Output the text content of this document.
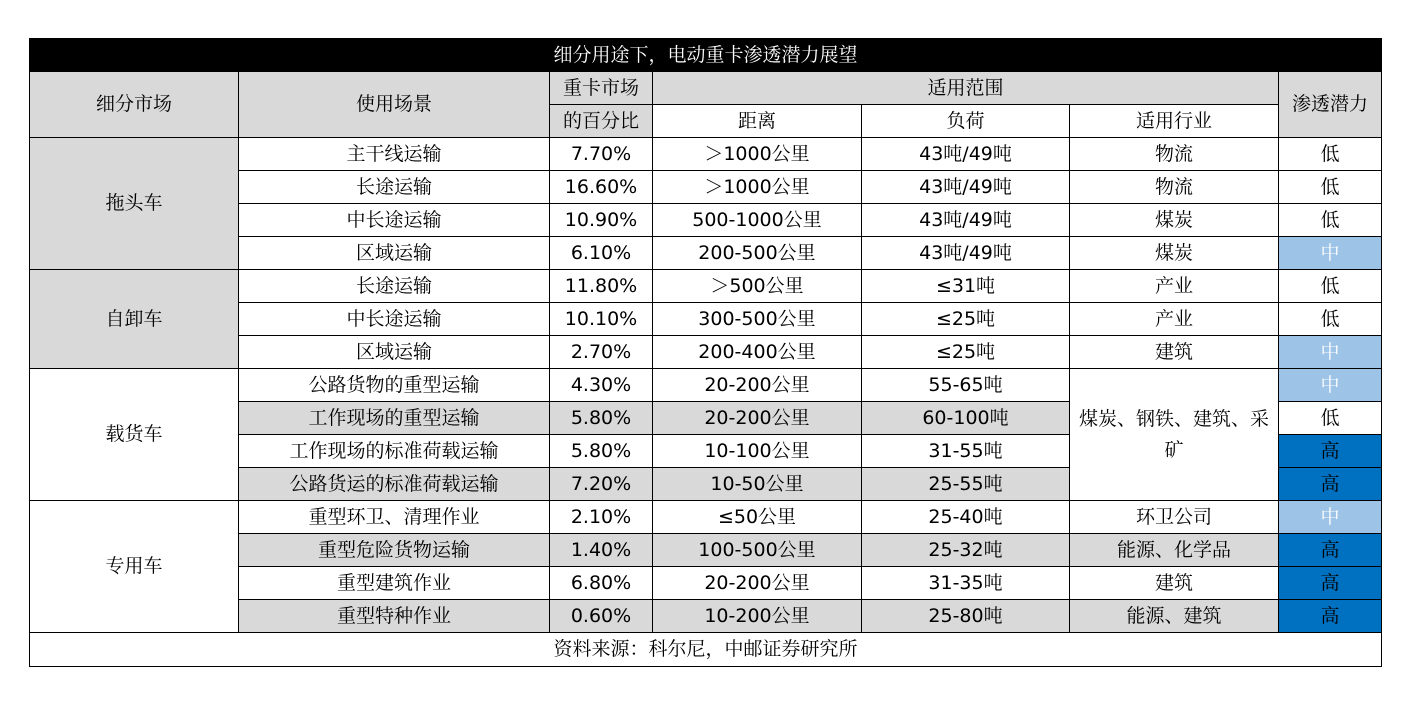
细分用途下，电动重卡渗透潜力展望						
细分市场	使用场景	重卡市场	适用范围			渗透潜力
		的百分比	距离	负荷	适用行业	
拖头车	主干线运输	7.70%	＞1000公里	43吨/49吨	物流	低
	长途运输	16.60%	＞1000公里	43吨/49吨	物流	低
	中长途运输	10.90%	500-1000公里	43吨/49吨	煤炭	低
	区域运输	6.10%	200-500公里	43吨/49吨	煤炭	中
自卸车	长途运输	11.80%	＞500公里	≤31吨	产业	低
	中长途运输	10.10%	300-500公里	≤25吨	产业	低
	区域运输	2.70%	200-400公里	≤25吨	建筑	中
载货车	公路货物的重型运输	4.30%	20-200公里	55-65吨	煤炭、钢铁、建筑、采矿	中
	工作现场的重型运输	5.80%	20-200公里	60-100吨		低
	工作现场的标准荷载运输	5.80%	10-100公里	31-55吨		高
	公路货运的标准荷载运输	7.20%	10-50公里	25-55吨		高
专用车	重型环卫、清理作业	2.10%	≤50公里	25-40吨	环卫公司	中
	重型危险货物运输	1.40%	100-500公里	25-32吨	能源、化学品	高
	重型建筑作业	6.80%	20-200公里	31-35吨	建筑	高
	重型特种作业	0.60%	10-200公里	25-80吨	能源、建筑	高
资料来源：科尔尼，中邮证券研究所						
